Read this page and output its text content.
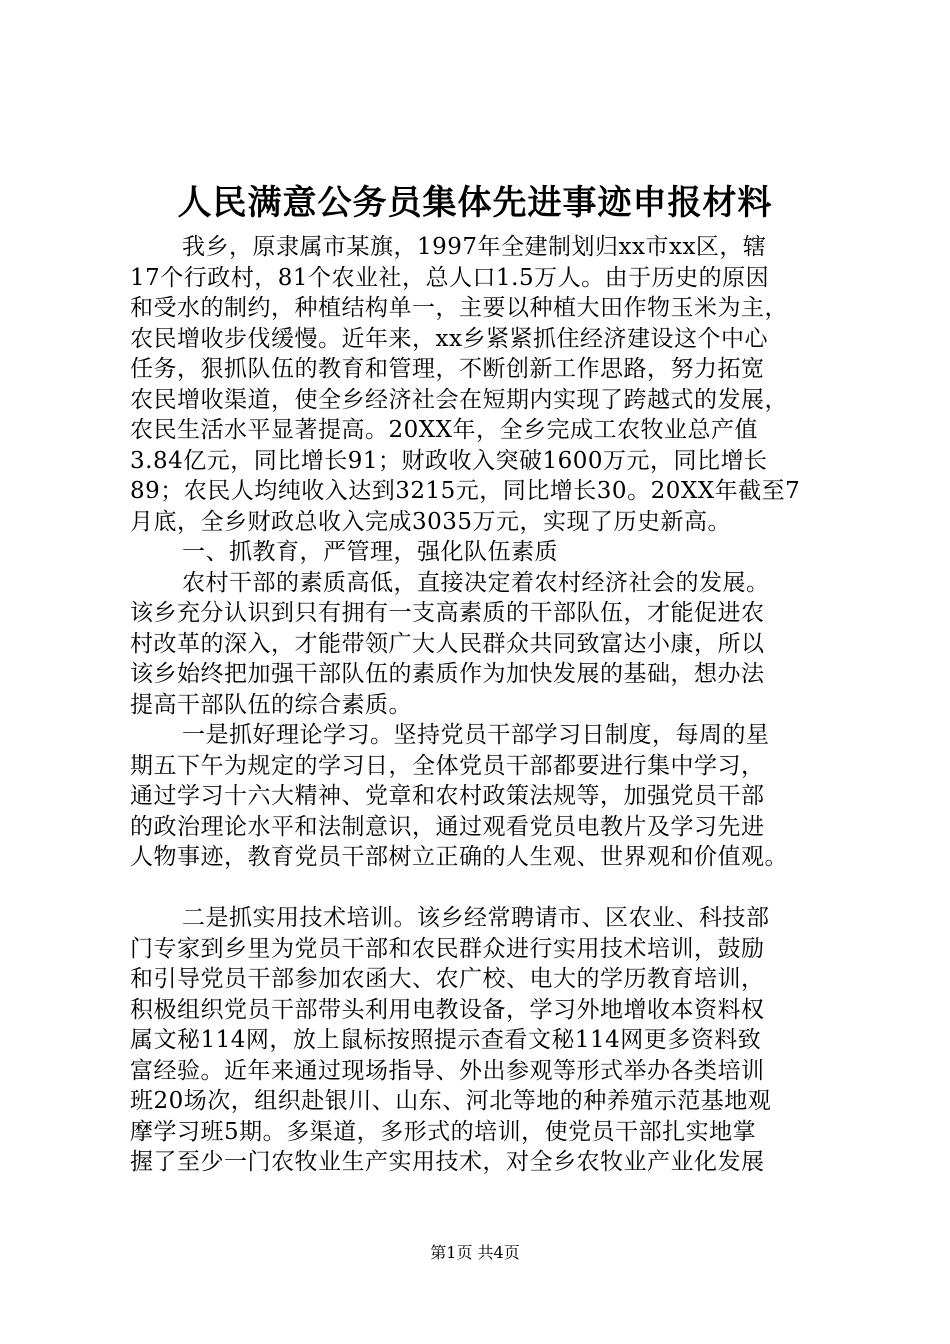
人民满意公务员集体先进事迹申报材料
我乡，原隶属市某旗，1997年全建制划归xx市xx区，辖
17个行政村，81个农业社，总人口1.5万人。由于历史的原因
和受水的制约，种植结构单一，主要以种植大田作物玉米为主，
农民增收步伐缓慢。近年来，xx乡紧紧抓住经济建设这个中心
任务，狠抓队伍的教育和管理，不断创新工作思路，努力拓宽
农民增收渠道，使全乡经济社会在短期内实现了跨越式的发展，
农民生活水平显著提高。20XX年，全乡完成工农牧业总产值
3.84亿元，同比增长91；财政收入突破1600万元，同比增长
89；农民人均纯收入达到3215元，同比增长30。20XX年截至7
月底，全乡财政总收入完成3035万元，实现了历史新高。
一、抓教育，严管理，强化队伍素质
农村干部的素质高低，直接决定着农村经济社会的发展。
该乡充分认识到只有拥有一支高素质的干部队伍，才能促进农
村改革的深入，才能带领广大人民群众共同致富达小康，所以
该乡始终把加强干部队伍的素质作为加快发展的基础，想办法
提高干部队伍的综合素质。
一是抓好理论学习。坚持党员干部学习日制度，每周的星
期五下午为规定的学习日，全体党员干部都要进行集中学习，
通过学习十六大精神、党章和农村政策法规等，加强党员干部
的政治理论水平和法制意识，通过观看党员电教片及学习先进
人物事迹，教育党员干部树立正确的人生观、世界观和价值观。
二是抓实用技术培训。该乡经常聘请市、区农业、科技部
门专家到乡里为党员干部和农民群众进行实用技术培训，鼓励
和引导党员干部参加农函大、农广校、电大的学历教育培训，
积极组织党员干部带头利用电教设备，学习外地增收本资料权
属文秘114网，放上鼠标按照提示查看文秘114网更多资料致
富经验。近年来通过现场指导、外出参观等形式举办各类培训
班20场次，组织赴银川、山东、河北等地的种养殖示范基地观
摩学习班5期。多渠道，多形式的培训，使党员干部扎实地掌
握了至少一门农牧业生产实用技术，对全乡农牧业产业化发展
第1页 共4页
